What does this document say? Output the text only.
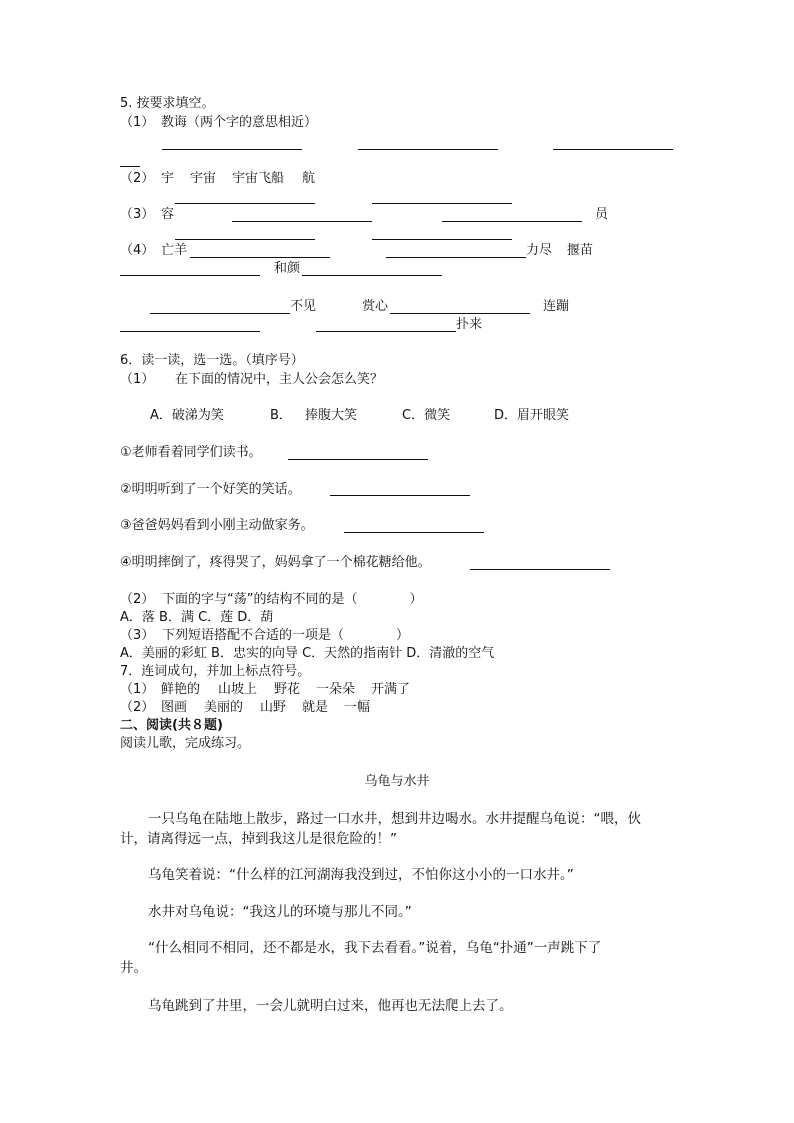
5. 按要求填空。
（1） 教诲（两个字的意思相近）
（2） 宇 宇宙 宇宙飞船 航
（3） 容	员
（4） 亡羊	力尽 揠苗
和颜
不见	赏心	连蹦
扑来
6．读一读，选一选。（填序号）
（1） 在下面的情况中，主人公会怎么笑？
A．破涕为笑	B． 捧腹大笑	C．微笑	D．眉开眼笑
①老师看着同学们读书。
②明明听到了一个好笑的笑话。
③爸爸妈妈看到小刚主动做家务。
④明明摔倒了，疼得哭了，妈妈拿了一个棉花糖给他。
（2） 下面的字与“荡”的结构不同的是（　　　　）
A．落 B．满 C．莲 D．葫
（3） 下列短语搭配不合适的一项是（　　　　）
A．美丽的彩虹 B．忠实的向导 C．天然的指南针 D．清澈的空气
7．连词成句，并加上标点符号。
（1） 鲜艳的 山坡上 野花 一朵朵 开满了
（2） 图画 美丽的 山野 就是 一幅
二、阅读(共８题)
阅读儿歌，完成练习。
乌龟与水井
一只乌龟在陆地上散步，路过一口水井，想到井边喝水。水井提醒乌龟说：“喂，伙
计，请离得远一点，掉到我这儿是很危险的！”
乌龟笑着说：“什么样的江河湖海我没到过，不怕你这小小的一口水井。”
水井对乌龟说：“我这儿的环境与那儿不同。”
“什么相同不相同，还不都是水，我下去看看。”说着，乌龟“扑通”一声跳下了
井。
乌龟跳到了井里，一会儿就明白过来，他再也无法爬上去了。
